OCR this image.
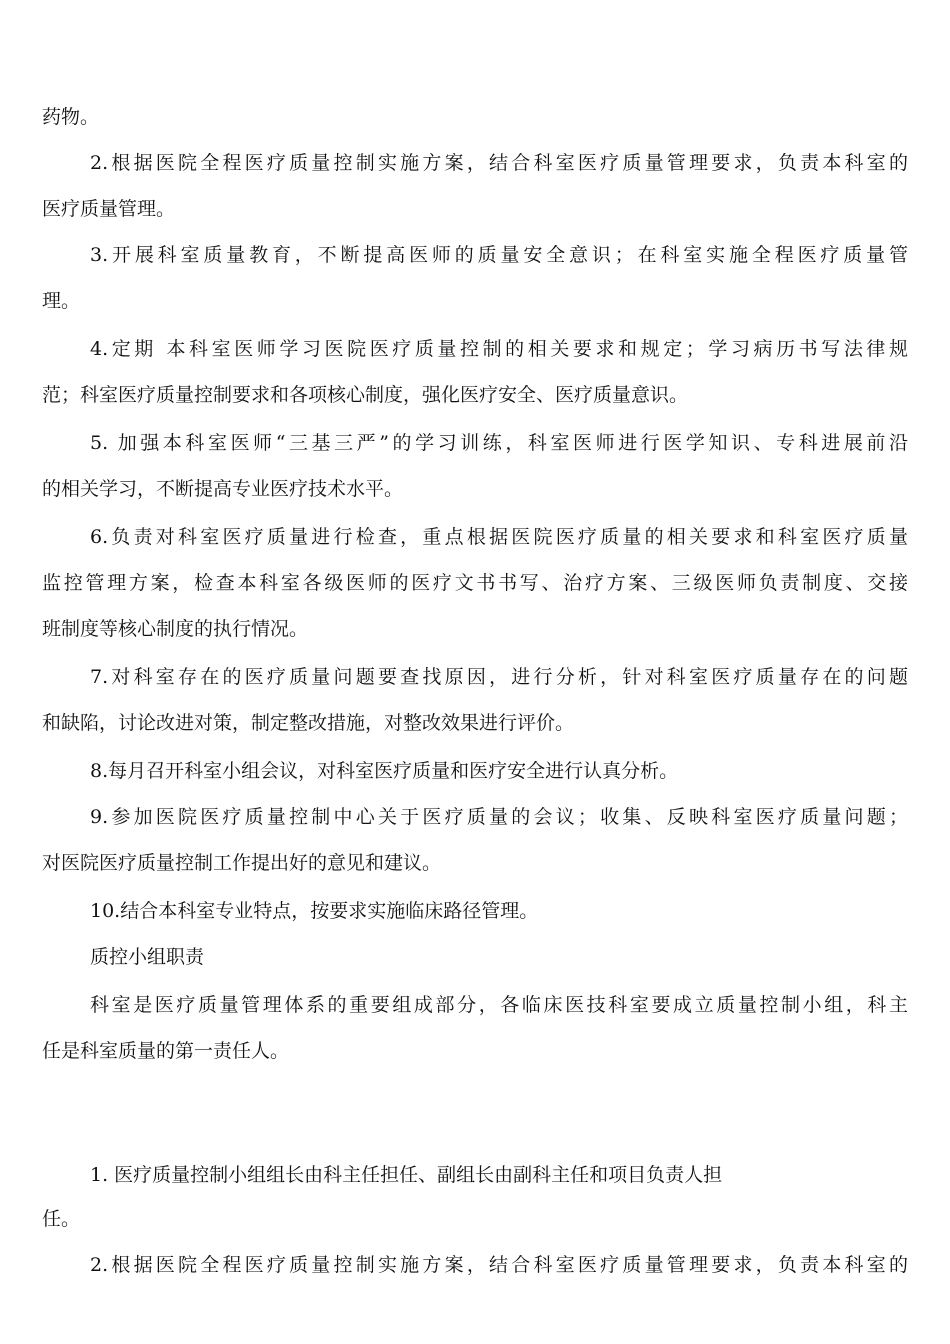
药物。
2.根据医院全程医疗质量控制实施方案，结合科室医疗质量管理要求，负责本科室的
医疗质量管理。
3.开展科室质量教育，不断提高医师的质量安全意识；在科室实施全程医疗质量管
理。
4.定期 本科室医师学习医院医疗质量控制的相关要求和规定；学习病历书写法律规
范；科室医疗质量控制要求和各项核心制度，强化医疗安全、医疗质量意识。
5. 加强本科室医师“三基三严”的学习训练，科室医师进行医学知识、专科进展前沿
的相关学习，不断提高专业医疗技术水平。
6.负责对科室医疗质量进行检查，重点根据医院医疗质量的相关要求和科室医疗质量
监控管理方案，检查本科室各级医师的医疗文书书写、治疗方案、三级医师负责制度、交接
班制度等核心制度的执行情况。
7.对科室存在的医疗质量问题要查找原因，进行分析，针对科室医疗质量存在的问题
和缺陷，讨论改进对策，制定整改措施，对整改效果进行评价。
8.每月召开科室小组会议，对科室医疗质量和医疗安全进行认真分析。
9.参加医院医疗质量控制中心关于医疗质量的会议；收集、反映科室医疗质量问题；
对医院医疗质量控制工作提出好的意见和建议。
10.结合本科室专业特点，按要求实施临床路径管理。
质控小组职责
科室是医疗质量管理体系的重要组成部分，各临床医技科室要成立质量控制小组，科主
任是科室质量的第一责任人。
1. 医疗质量控制小组组长由科主任担任、副组长由副科主任和项目负责人担
任。
2.根据医院全程医疗质量控制实施方案，结合科室医疗质量管理要求，负责本科室的
